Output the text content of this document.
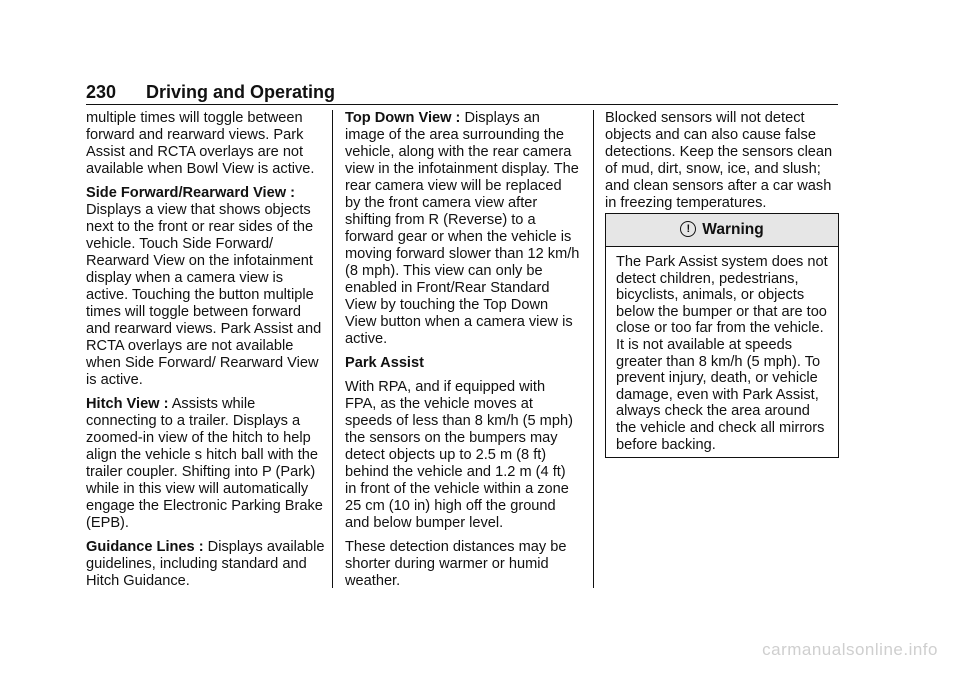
230 Driving and Operating

multiple times will toggle between forward and rearward views. Park Assist and RCTA overlays are not available when Bowl View is active.

Side Forward/Rearward View : Displays a view that shows objects next to the front or rear sides of the vehicle. Touch Side Forward/ Rearward View on the infotainment display when a camera view is active. Touching the button multiple times will toggle between forward and rearward views. Park Assist and RCTA overlays are not available when Side Forward/ Rearward View is active.

Hitch View : Assists while connecting to a trailer. Displays a zoomed-in view of the hitch to help align the vehicle s hitch ball with the trailer coupler. Shifting into P (Park) while in this view will automatically engage the Electronic Parking Brake (EPB).

Guidance Lines : Displays available guidelines, including standard and Hitch Guidance.

Top Down View : Displays an image of the area surrounding the vehicle, along with the rear camera view in the infotainment display. The rear camera view will be replaced by the front camera view after shifting from R (Reverse) to a forward gear or when the vehicle is moving forward slower than 12 km/h (8 mph). This view can only be enabled in Front/Rear Standard View by touching the Top Down View button when a camera view is active.

Park Assist

With RPA, and if equipped with FPA, as the vehicle moves at speeds of less than 8 km/h (5 mph) the sensors on the bumpers may detect objects up to 2.5 m (8 ft) behind the vehicle and 1.2 m (4 ft) in front of the vehicle within a zone 25 cm (10 in) high off the ground and below bumper level.

These detection distances may be shorter during warmer or humid weather.

Blocked sensors will not detect objects and can also cause false detections. Keep the sensors clean of mud, dirt, snow, ice, and slush; and clean sensors after a car wash in freezing temperatures.

! Warning
The Park Assist system does not detect children, pedestrians, bicyclists, animals, or objects below the bumper or that are too close or too far from the vehicle. It is not available at speeds greater than 8 km/h (5 mph). To prevent injury, death, or vehicle damage, even with Park Assist, always check the area around the vehicle and check all mirrors before backing.
carmanualsonline.info
